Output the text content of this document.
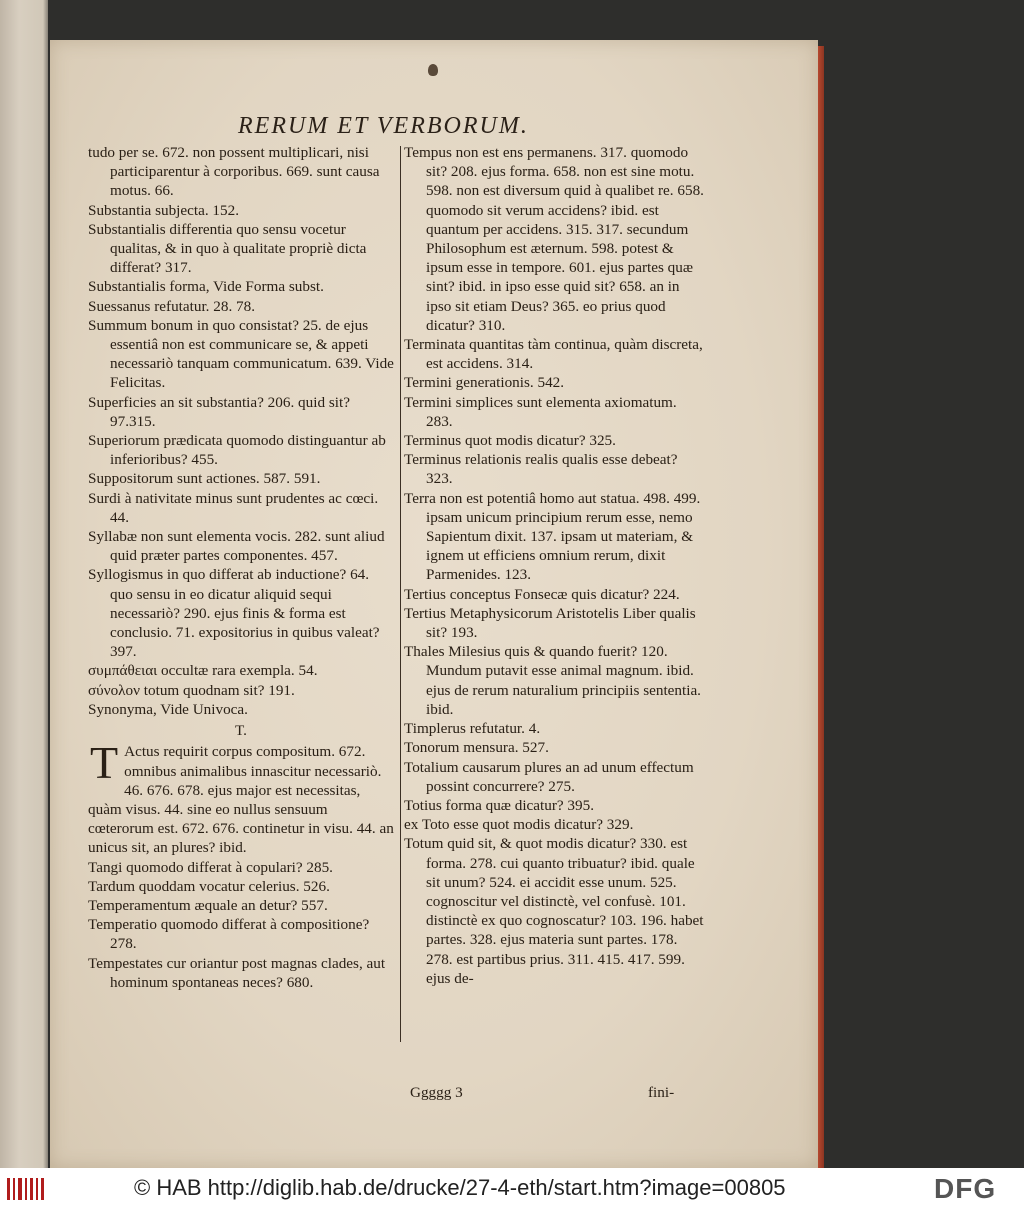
RERUM ET VERBORUM.
tudo per se. 672. non possent multiplicari, nisi participarentur à corporibus. 669. sunt causa motus. 66.
Substantia subjecta. 152.
Substantialis differentia quo sensu vocetur qualitas, & in quo à qualitate propriè dicta differat? 317.
Substantialis forma, Vide Forma subst.
Suessanus refutatur. 28. 78.
Summum bonum in quo consistat? 25. de ejus essentiâ non est communicare se, & appeti necessariò tanquam communicatum. 639. Vide Felicitas.
Superficies an sit substantia? 206. quid sit? 97.315.
Superiorum prædicata quomodo distinguantur ab inferioribus? 455.
Suppositorum sunt actiones. 587. 591.
Surdi à nativitate minus sunt prudentes ac cœci. 44.
Syllabæ non sunt elementa vocis. 282. sunt aliud quid præter partes componentes. 457.
Syllogismus in quo differat ab inductione? 64. quo sensu in eo dicatur aliquid sequi necessariò? 290. ejus finis & forma est conclusio. 71. expositorius in quibus valeat? 397.
συμπάθειαι occultæ rara exempla. 54.
σύνολον totum quodnam sit? 191.
Synonyma, Vide Univoca.
T.
T Actus requirit corpus compositum. 672. omnibus animalibus innascitur necessariò. 46. 676. 678. ejus major est necessitas, quàm visus. 44. sine eo nullus sensuum cœterorum est. 672. 676. continetur in visu. 44. an unicus sit, an plures? ibid.
Tangi quomodo differat à copulari? 285.
Tardum quoddam vocatur celerius. 526.
Temperamentum æquale an detur? 557.
Temperatio quomodo differat à compositione? 278.
Tempestates cur oriantur post magnas clades, aut hominum spontaneas neces? 680.
Tempus non est ens permanens. 317. quomodo sit? 208. ejus forma. 658. non est sine motu. 598. non est diversum quid à qualibet re. 658. quomodo sit verum accidens? ibid. est quantum per accidens. 315. 317. secundum Philosophum est æternum. 598. potest & ipsum esse in tempore. 601. ejus partes quæ sint? ibid. in ipso esse quid sit? 658. an in ipso sit etiam Deus? 365. eo prius quod dicatur? 310.
Terminata quantitas tàm continua, quàm discreta, est accidens. 314.
Termini generationis. 542.
Termini simplices sunt elementa axiomatum. 283.
Terminus quot modis dicatur? 325.
Terminus relationis realis qualis esse debeat? 323.
Terra non est potentiâ homo aut statua. 498. 499. ipsam unicum principium rerum esse, nemo Sapientum dixit. 137. ipsam ut materiam, & ignem ut efficiens omnium rerum, dixit Parmenides. 123.
Tertius conceptus Fonsecæ quis dicatur? 224.
Tertius Metaphysicorum Aristotelis Liber qualis sit? 193.
Thales Milesius quis & quando fuerit? 120. Mundum putavit esse animal magnum. ibid. ejus de rerum naturalium principiis sententia. ibid.
Timplerus refutatur. 4.
Tonorum mensura. 527.
Totalium causarum plures an ad unum effectum possint concurrere? 275.
Totius forma quæ dicatur? 395.
ex Toto esse quot modis dicatur? 329.
Totum quid sit, & quot modis dicatur? 330. est forma. 278. cui quanto tribuatur? ibid. quale sit unum? 524. ei accidit esse unum. 525. cognoscitur vel distinctè, vel confusè. 101. distinctè ex quo cognoscatur? 103. 196. habet partes. 328. ejus materia sunt partes. 178. 278. est partibus prius. 311. 415. 417. 599. ejus de-
Ggggg 3	fini-
© HAB http://diglib.hab.de/drucke/27-4-eth/start.htm?image=00805	DFG
